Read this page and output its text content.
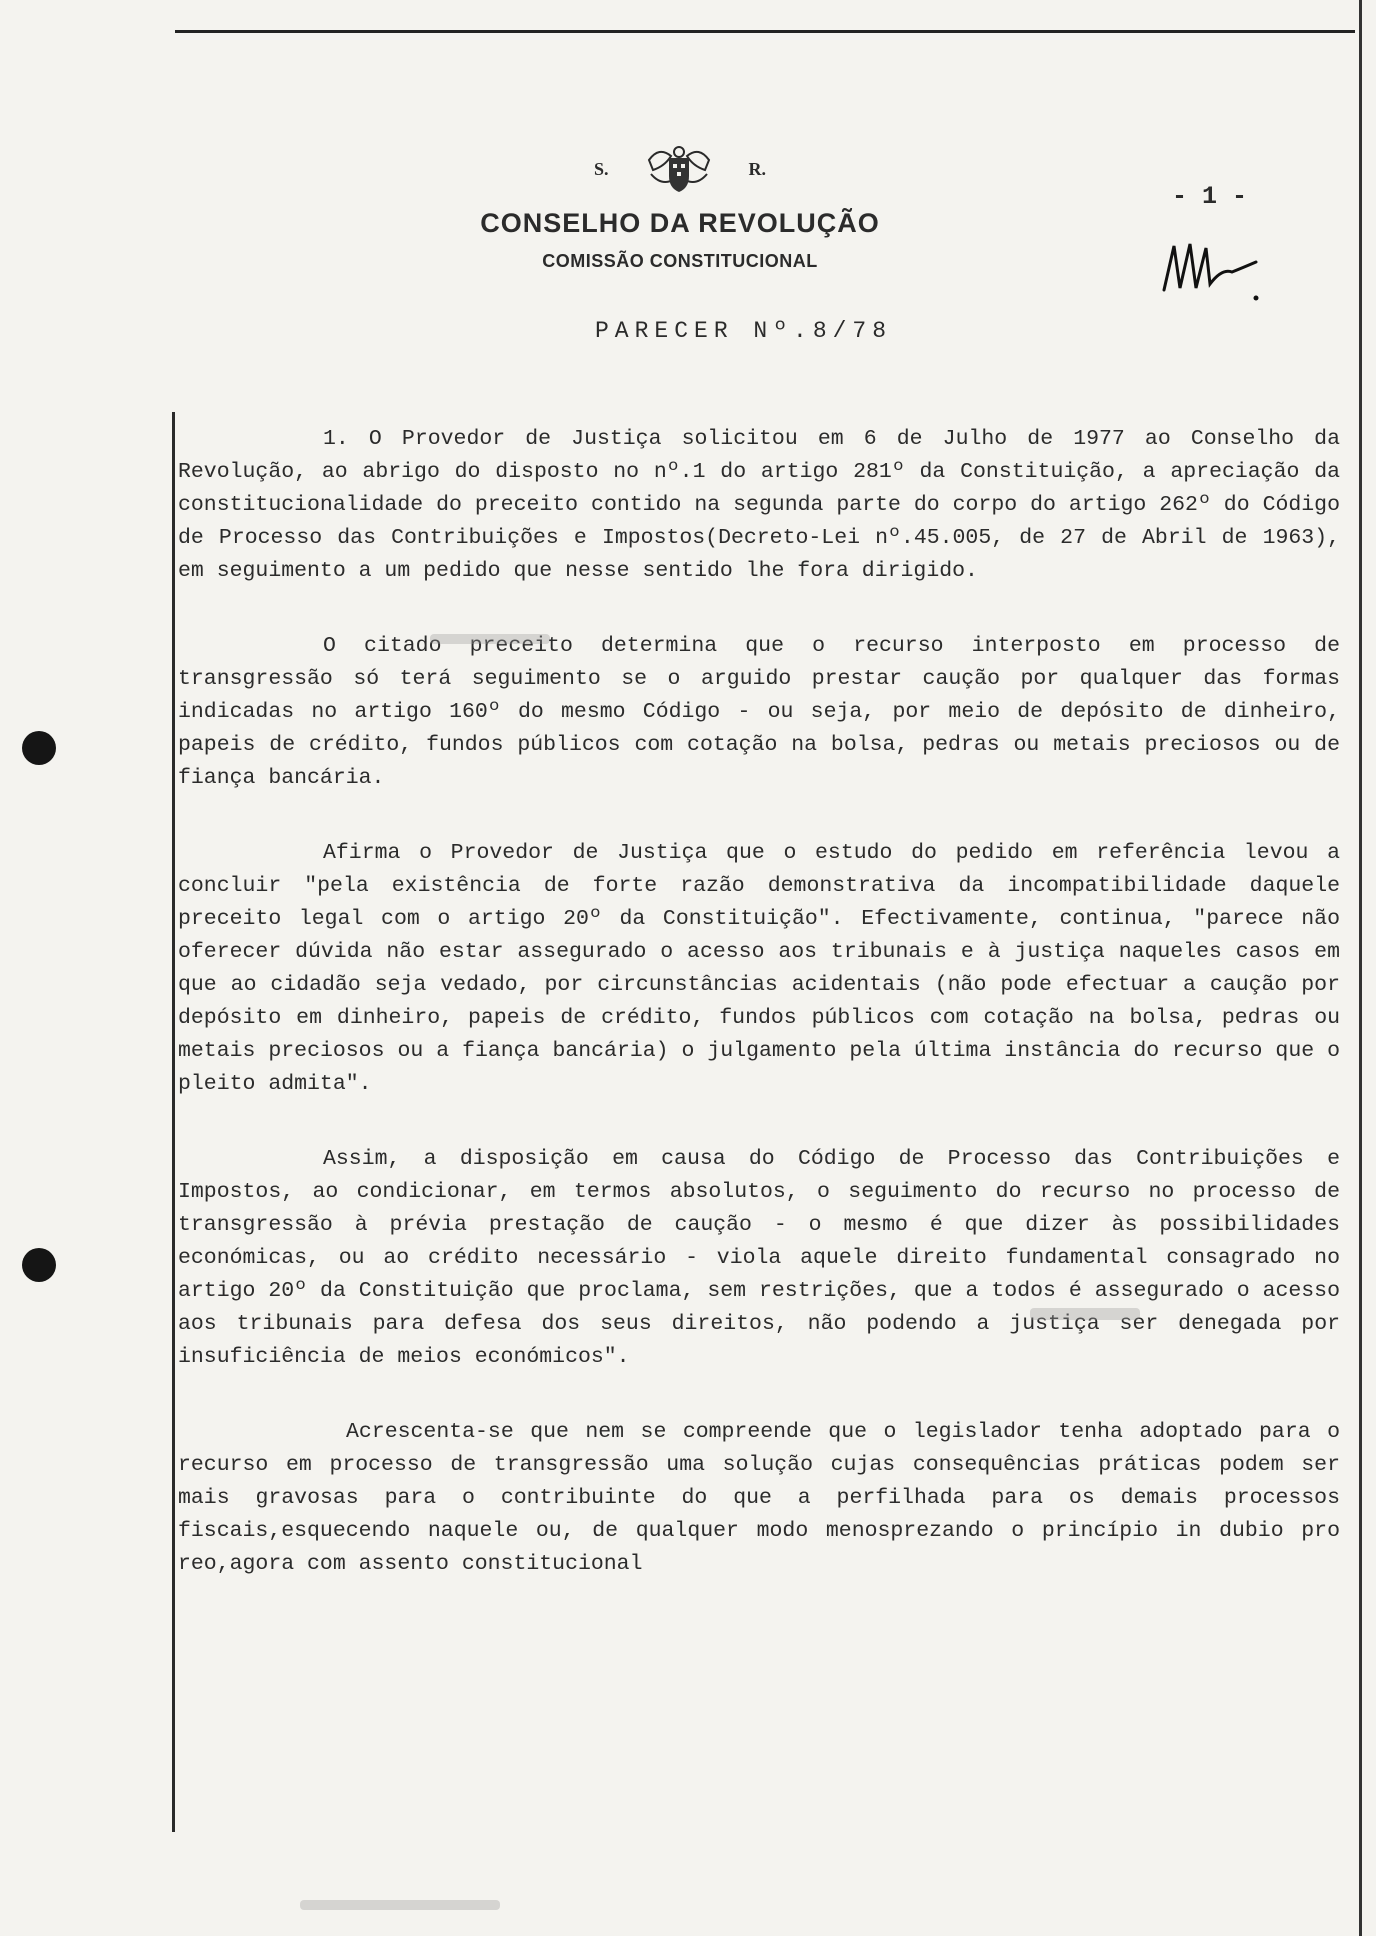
S.	R.
CONSELHO DA REVOLUÇÃO
COMISSÃO CONSTITUCIONAL
- 1 -
PARECER Nº.8/78

1. O Provedor de Justiça solicitou em 6 de Julho de 1977 ao Conselho da Revolução, ao abrigo do disposto no nº.1 do artigo 281º da Constituição, a apreciação da constitucionalidade do preceito contido na segunda parte do corpo do artigo 262º do Código de Processo das Contribuições e Impostos(Decreto-Lei nº.45.005, de 27 de Abril de 1963), em seguimento a um pedido que nesse sentido lhe fora dirigido.

O citado preceito determina que o recurso interposto em processo de transgressão só terá seguimento se o arguido prestar caução por qualquer das formas indicadas no artigo 160º do mesmo Código - ou seja, por meio de depósito de dinheiro, papeis de crédito, fundos públicos com cotação na bolsa, pedras ou metais preciosos ou de fiança bancária.

Afirma o Provedor de Justiça que o estudo do pedido em referência levou a concluir "pela existência de forte razão demonstrativa da incompatibilidade daquele preceito legal com o artigo 20º da Constituição". Efectivamente, continua, "parece não oferecer dúvida não estar assegurado o acesso aos tribunais e à justiça naqueles casos em que ao cidadão seja vedado, por circunstâncias acidentais (não pode efectuar a caução por depósito em dinheiro, papeis de crédito, fundos públicos com cotação na bolsa, pedras ou metais preciosos ou a fiança bancária) o julgamento pela última instância do recurso que o pleito admita".

Assim, a disposição em causa do Código de Processo das Contribuições e Impostos, ao condicionar, em termos absolutos, o seguimento do recurso no processo de transgressão à prévia prestação de caução - o mesmo é que dizer às possibilidades económicas, ou ao crédito necessário - viola aquele direito fundamental consagrado no artigo 20º da Constituição que proclama, sem restrições, que a todos é assegurado o acesso aos tribunais para defesa dos seus direitos, não podendo a justiça ser denegada por insuficiência de meios económicos".

Acrescenta-se que nem se compreende que o legislador tenha adoptado para o recurso em processo de transgressão uma solução cujas consequências práticas podem ser mais gravosas para o contribuinte do que a perfilhada para os demais processos fiscais,esquecendo naquele ou, de qualquer modo menosprezando o princípio in dubio pro reo,agora com assento constitucional
